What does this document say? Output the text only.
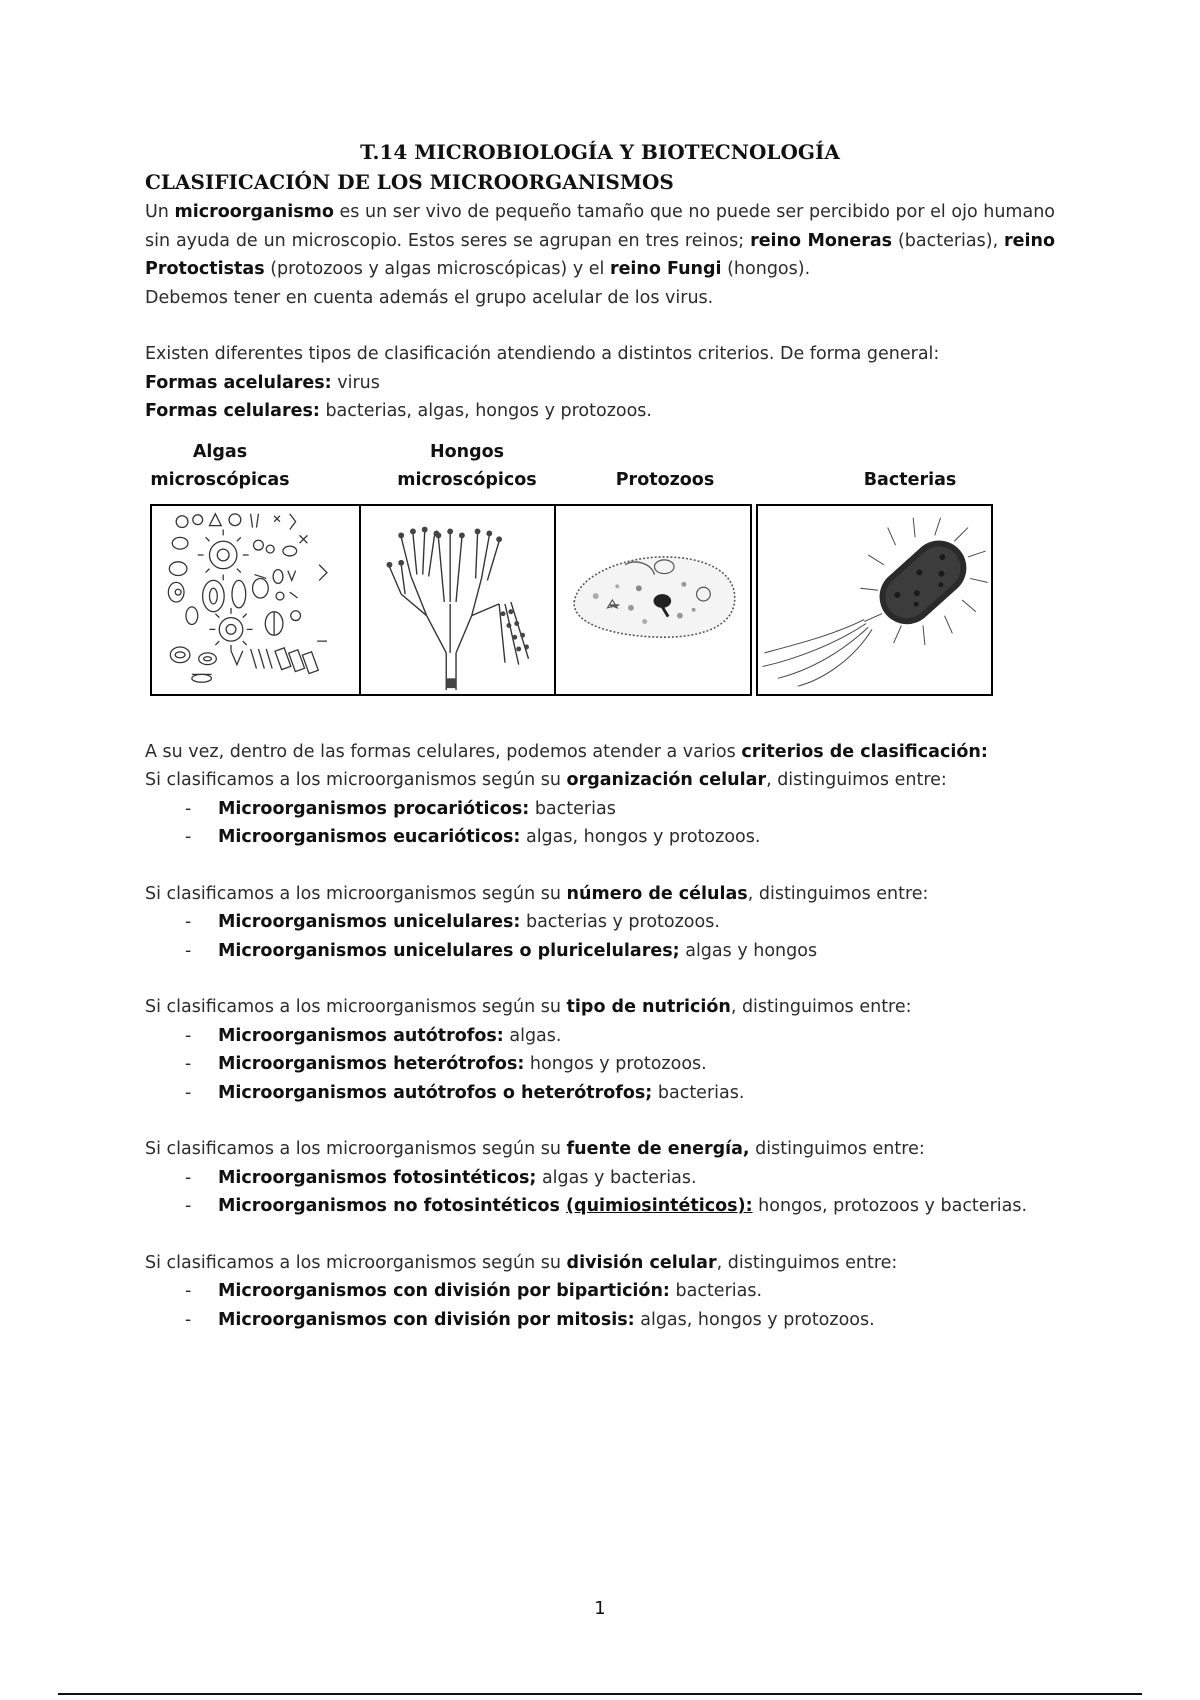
T.14 MICROBIOLOGÍA Y BIOTECNOLOGÍA
CLASIFICACIÓN DE LOS MICROORGANISMOS

Un microorganismo es un ser vivo de pequeño tamaño que no puede ser percibido por el ojo humano sin ayuda de un microscopio. Estos seres se agrupan en tres reinos; reino Moneras (bacterias), reino Protoctistas (protozoos y algas microscópicas) y el reino Fungi (hongos).

Debemos tener en cuenta además el grupo acelular de los virus.

Existen diferentes tipos de clasificación atendiendo a distintos criterios. De forma general:

Formas acelulares: virus

Formas celulares: bacterias, algas, hongos y protozoos.

Algas microscópicas
Hongos microscópicos	Protozoos	Bacterias

A su vez, dentro de las formas celulares, podemos atender a varios criterios de clasificación:

Si clasificamos a los microorganismos según su organización celular, distinguimos entre:

- Microorganismos procarióticos: bacterias
- Microorganismos eucarióticos: algas, hongos y protozoos.

Si clasificamos a los microorganismos según su número de células, distinguimos entre:

- Microorganismos unicelulares: bacterias y protozoos.
- Microorganismos unicelulares o pluricelulares; algas y hongos

Si clasificamos a los microorganismos según su tipo de nutrición, distinguimos entre:

- Microorganismos autótrofos: algas.
- Microorganismos heterótrofos: hongos y protozoos.
- Microorganismos autótrofos o heterótrofos; bacterias.

Si clasificamos a los microorganismos según su fuente de energía, distinguimos entre:

- Microorganismos fotosintéticos; algas y bacterias.
- Microorganismos no fotosintéticos (quimiosintéticos): hongos, protozoos y bacterias.

Si clasificamos a los microorganismos según su división celular, distinguimos entre:

- Microorganismos con división por bipartición: bacterias.
- Microorganismos con división por mitosis: algas, hongos y protozoos.
1
